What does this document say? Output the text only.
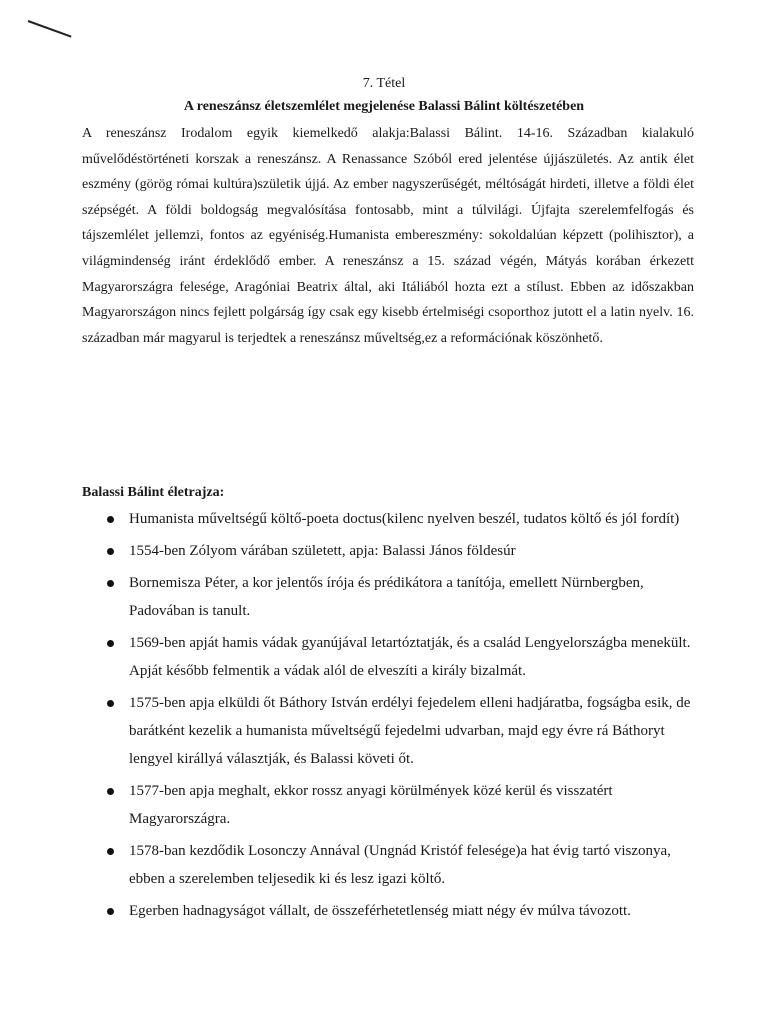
7. Tétel
A reneszánsz életszemlélet megjelenése Balassi Bálint költészetében

A reneszánsz Irodalom egyik kiemelkedő alakja:Balassi Bálint. 14-16. Században kialakuló művelődéstörténeti korszak a reneszánsz. A Renassance Szóból ered jelentése újjászületés. Az antik élet eszmény (görög római kultúra)születik újjá. Az ember nagyszerűségét, méltóságát hirdeti, illetve a földi élet szépségét. A földi boldogság megvalósítása fontosabb, mint a túlvilági. Újfajta szerelemfelfogás és tájszemlélet jellemzi, fontos az egyéniség.Humanista embereszmény: sokoldalúan képzett (polihisztor), a világmindenség iránt érdeklődő ember. A reneszánsz a 15. század végén, Mátyás korában érkezett Magyarországra felesége, Aragóniai Beatrix által, aki Itáliából hozta ezt a stílust. Ebben az időszakban Magyarországon nincs fejlett polgárság így csak egy kisebb értelmiségi csoporthoz jutott el a latin nyelv. 16. században már magyarul is terjedtek a reneszánsz műveltség,ez a reformációnak köszönhető.

Balassi Bálint életrajza:
Humanista műveltségű költő-poeta doctus(kilenc nyelven beszél, tudatos költő és jól fordít)
1554-ben Zólyom várában született, apja: Balassi János földesúr
Bornemisza Péter, a kor jelentős írója és prédikátora a tanítója, emellett Nürnbergben, Padovában is tanult.
1569-ben apját hamis vádak gyanújával letartóztatják, és a család Lengyelországba menekült. Apját később felmentik a vádak alól de elveszíti a király bizalmát.
1575-ben apja elküldi őt Báthory István erdélyi fejedelem elleni hadjáratba, fogságba esik, de barátként kezelik a humanista műveltségű fejedelmi udvarban, majd egy évre rá Báthoryt lengyel királlyá választják, és Balassi követi őt.
1577-ben apja meghalt, ekkor rossz anyagi körülmények közé kerül és visszatért Magyarországra.
1578-ban kezdődik Losonczy Annával (Ungnád Kristóf felesége)a hat évig tartó viszonya, ebben a szerelemben teljesedik ki és lesz igazi költő.
Egerben hadnagyságot vállalt, de összeférhetetlenség miatt négy év múlva távozott.
